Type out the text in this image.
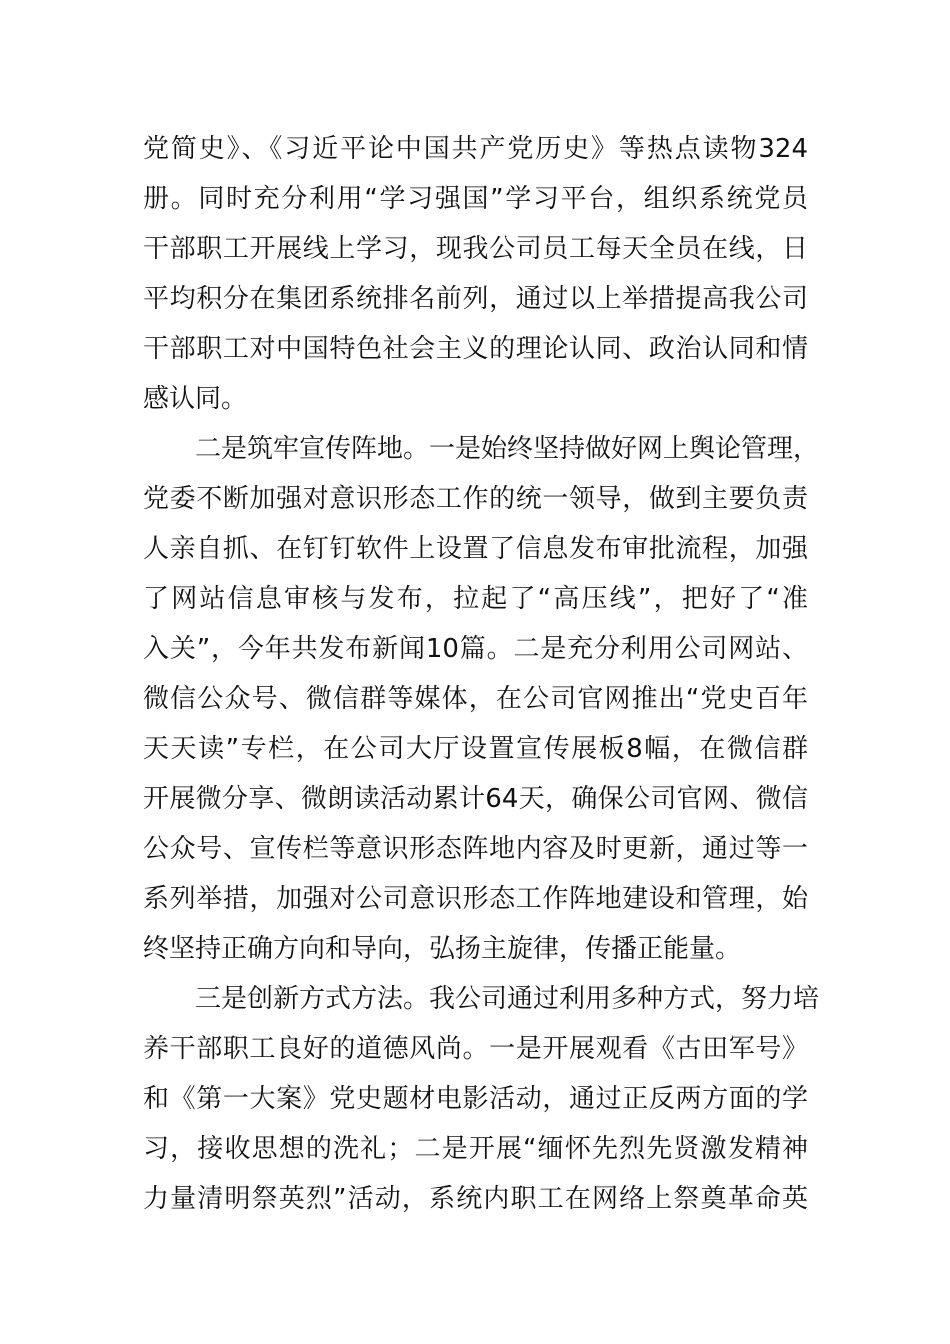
党简史》、《习近平论中国共产党历史》等热点读物324
册。同时充分利用“学习强国”学习平台，组织系统党员
干部职工开展线上学习，现我公司员工每天全员在线，日
平均积分在集团系统排名前列，通过以上举措提高我公司
干部职工对中国特色社会主义的理论认同、政治认同和情
感认同。
二是筑牢宣传阵地。一是始终坚持做好网上舆论管理，
党委不断加强对意识形态工作的统一领导，做到主要负责
人亲自抓、在钉钉软件上设置了信息发布审批流程，加强
了网站信息审核与发布，拉起了“高压线”，把好了“准
入关”，今年共发布新闻10篇。二是充分利用公司网站、
微信公众号、微信群等媒体，在公司官网推出“党史百年
天天读”专栏，在公司大厅设置宣传展板8幅，在微信群
开展微分享、微朗读活动累计64天，确保公司官网、微信
公众号、宣传栏等意识形态阵地内容及时更新，通过等一
系列举措，加强对公司意识形态工作阵地建设和管理，始
终坚持正确方向和导向，弘扬主旋律，传播正能量。
三是创新方式方法。我公司通过利用多种方式，努力培
养干部职工良好的道德风尚。一是开展观看《古田军号》
和《第一大案》党史题材电影活动，通过正反两方面的学
习，接收思想的洗礼；二是开展“缅怀先烈先贤激发精神
力量清明祭英烈”活动，系统内职工在网络上祭奠革命英
